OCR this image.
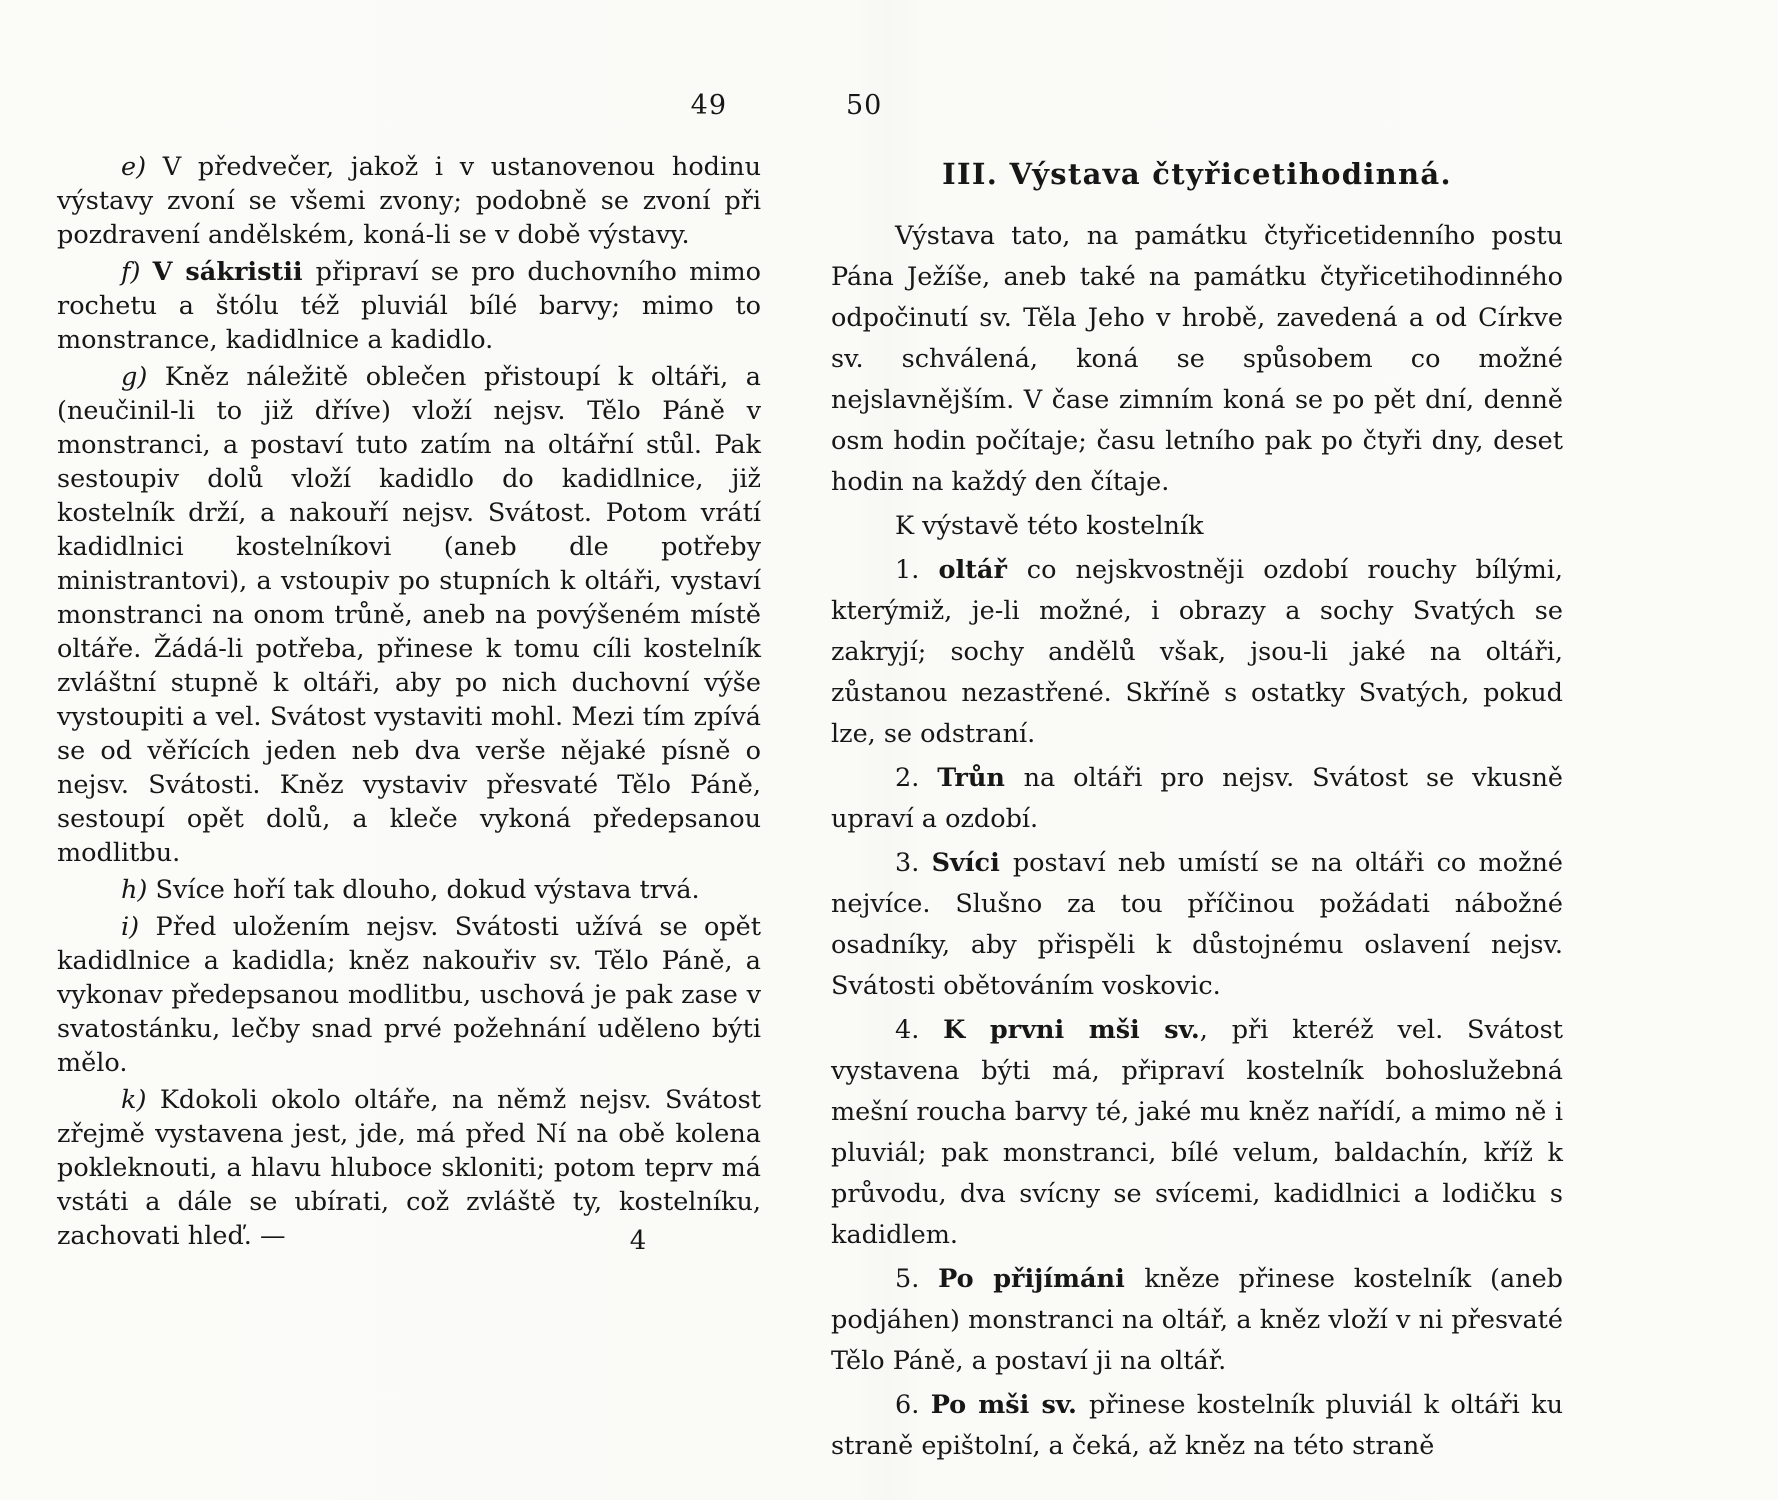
49	50

e) V předvečer, jakož i v ustanovenou hodinu výstavy zvoní se všemi zvony; podobně se zvoní při pozdravení andělském, koná-li se v době výstavy.

f) V sákristii připraví se pro duchovního mimo rochetu a štólu též pluviál bílé barvy; mimo to monstrance, kadidlnice a kadidlo.

g) Kněz náležitě oblečen přistoupí k oltáři, a (neučinil-li to již dříve) vloží nejsv. Tělo Páně v monstranci, a postaví tuto zatím na oltářní stůl. Pak sestoupiv dolů vloží kadidlo do kadidlnice, již kostelník drží, a nakouří nejsv. Svátost. Potom vrátí kadidlnici kostelníkovi (aneb dle potřeby ministrantovi), a vstoupiv po stupních k oltáři, vystaví monstranci na onom trůně, aneb na povýšeném místě oltáře. Žádá-li potřeba, přinese k tomu cíli kostelník zvláštní stupně k oltáři, aby po nich duchovní výše vystoupiti a vel. Svátost vystaviti mohl. Mezi tím zpívá se od věřících jeden neb dva verše nějaké písně o nejsv. Svátosti. Kněz vystaviv přesvaté Tělo Páně, sestoupí opět dolů, a kleče vykoná předepsanou modlitbu.

h) Svíce hoří tak dlouho, dokud výstava trvá.

i) Před uložením nejsv. Svátosti užívá se opět kadidlnice a kadidla; kněz nakouřiv sv. Tělo Páně, a vykonav předepsanou modlitbu, uschová je pak zase v svatostánku, lečby snad prvé požehnání uděleno býti mělo.

k) Kdokoli okolo oltáře, na němž nejsv. Svátost zřejmě vystavena jest, jde, má před Ní na obě kolena pokleknouti, a hlavu hluboce skloniti; potom teprv má vstáti a dále se ubírati, což zvláště ty, kostelníku, zachovati hleď. —

III. Výstava čtyřicetihodinná.

Výstava tato, na památku čtyřicetidenního postu Pána Ježíše, aneb také na památku čtyřicetihodinného odpočinutí sv. Těla Jeho v hrobě, zavedená a od Církve sv. schválená, koná se spůsobem co možné nejslavnějším. V čase zimním koná se po pět dní, denně osm hodin počítaje; času letního pak po čtyři dny, deset hodin na každý den čítaje.

K výstavě této kostelník

1. oltář co nejskvostněji ozdobí rouchy bílými, kterýmiž, je-li možné, i obrazy a sochy Svatých se zakryjí; sochy andělů však, jsou-li jaké na oltáři, zůstanou nezastřené. Skříně s ostatky Svatých, pokud lze, se odstraní.

2. Trůn na oltáři pro nejsv. Svátost se vkusně upraví a ozdobí.

3. Svíci postaví neb umístí se na oltáři co možné nejvíce. Slušno za tou příčinou požádati nábožné osadníky, aby přispěli k důstojnému oslavení nejsv. Svátosti obětováním voskovic.

4. K prvni mši sv., při kteréž vel. Svátost vystavena býti má, připraví kostelník bohoslužebná mešní roucha barvy té, jaké mu kněz nařídí, a mimo ně i pluviál; pak monstranci, bílé velum, baldachín, kříž k průvodu, dva svícny se svícemi, kadidlnici a lodičku s kadidlem.

5. Po přijímáni kněze přinese kostelník (aneb podjáhen) monstranci na oltář, a kněz vloží v ni přesvaté Tělo Páně, a postaví ji na oltář.

6. Po mši sv. přinese kostelník pluviál k oltáři ku straně epištolní, a čeká, až kněz na této straně

4
